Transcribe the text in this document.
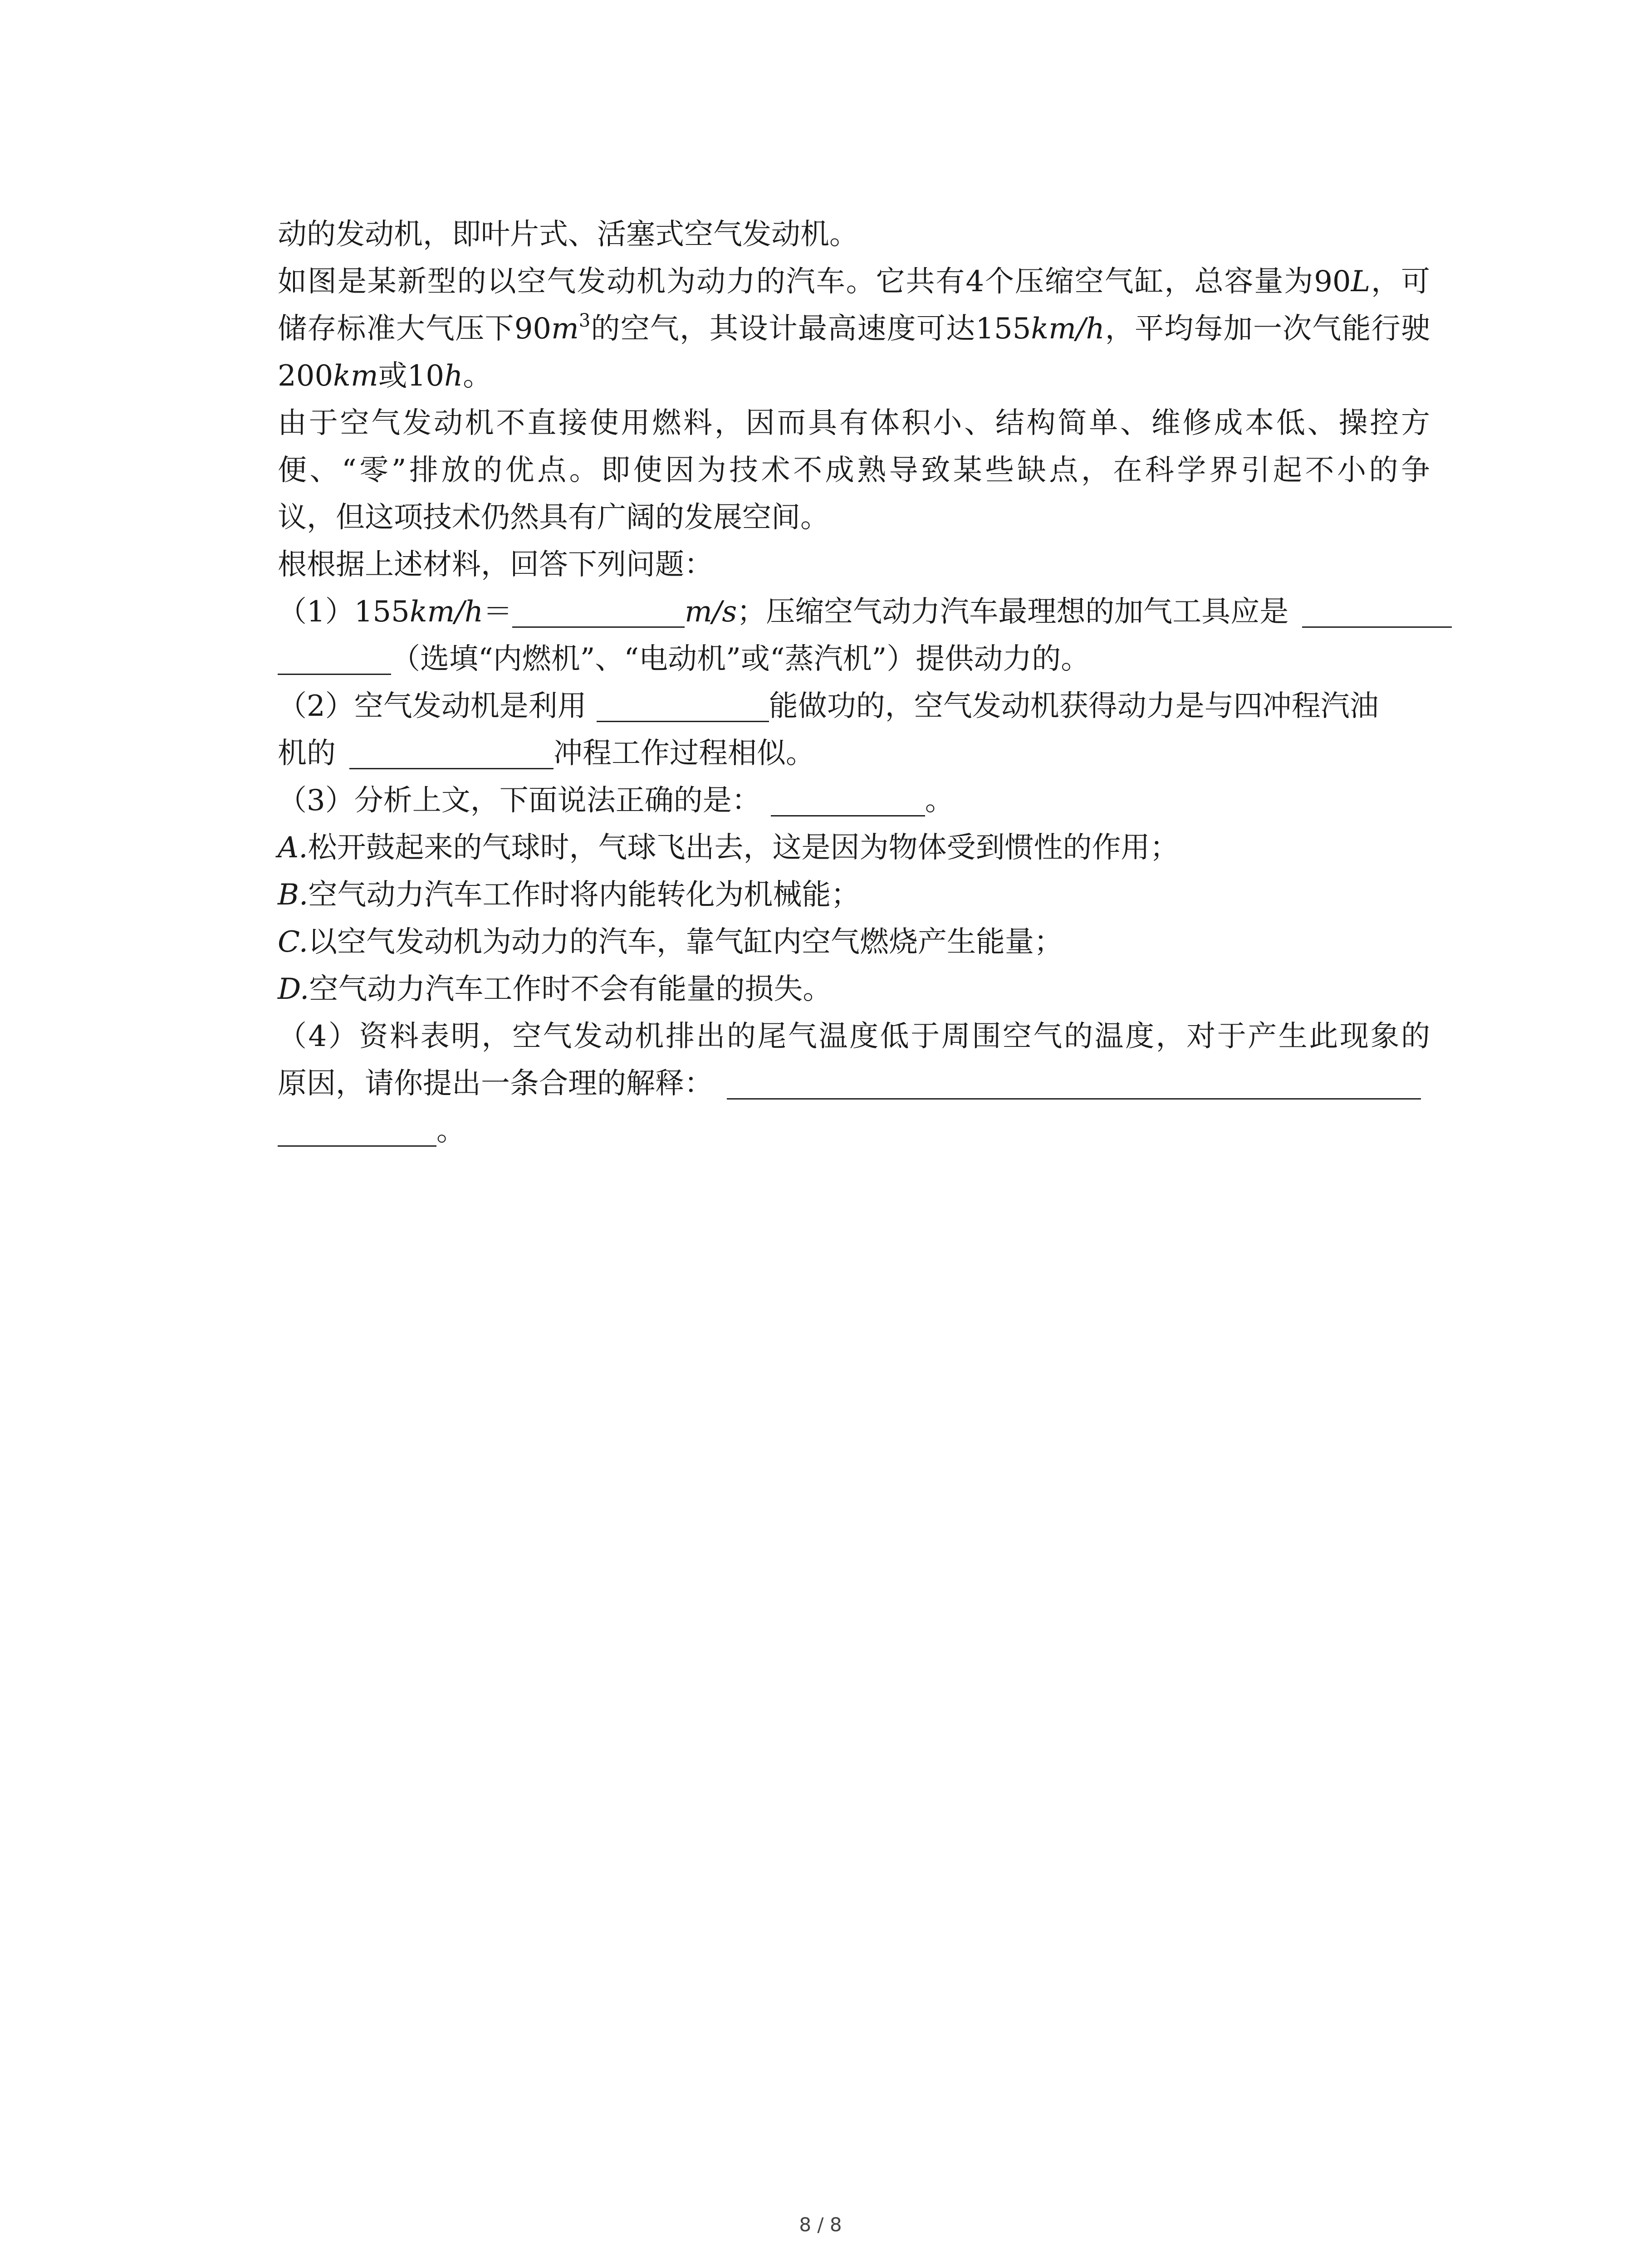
动的发动机，即叶片式、活塞式空气发动机。
如图是某新型的以空气发动机为动力的汽车。它共有4个压缩空气缸，总容量为90L，可
储存标准大气压下$90m^3$的空气，其设计最高速度可达155km/h，平均每加一次气能行驶
200km或10h。
由于空气发动机不直接使用燃料，因而具有体积小、结构简单、维修成本低、操控方
便、“零”排放的优点。即使因为技术不成熟导致某些缺点，在科学界引起不小的争
议，但这项技术仍然具有广阔的发展空间。
根根据上述材料，回答下列问题：
（1）155km/h＝	m/s；压缩空气动力汽车最理想的加气工具应是
（选填“内燃机”、“电动机”或“蒸汽机”）提供动力的。
（2）空气发动机是利用	能做功的，空气发动机获得动力是与四冲程汽油
机的	冲程工作过程相似。
（3）分析上文，下面说法正确的是：	。
A.松开鼓起来的气球时，气球飞出去，这是因为物体受到惯性的作用；
B.空气动力汽车工作时将内能转化为机械能；
C.以空气发动机为动力的汽车，靠气缸内空气燃烧产生能量；
D.空气动力汽车工作时不会有能量的损失。
（4）资料表明，空气发动机排出的尾气温度低于周围空气的温度，对于产生此现象的
原因，请你提出一条合理的解释：
。
8 / 8
